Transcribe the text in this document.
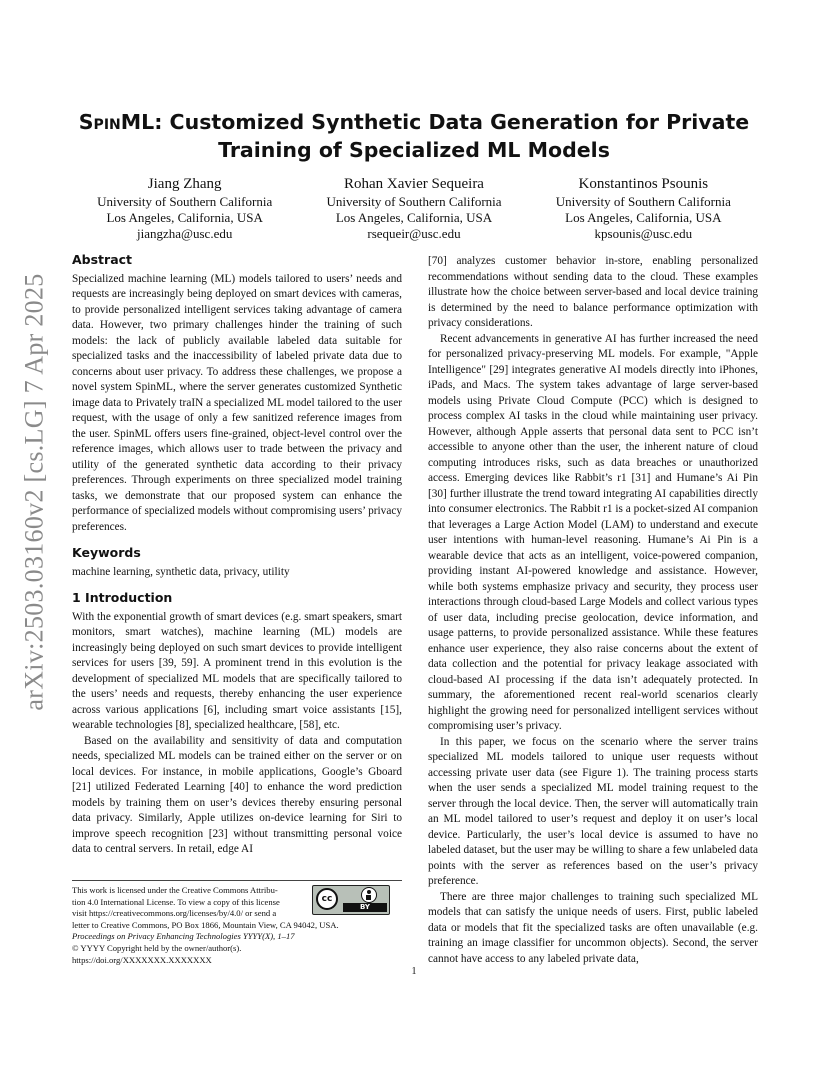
arXiv:2503.03160v2 [cs.LG] 7 Apr 2025
SpinML: Customized Synthetic Data Generation for Private
Training of Specialized ML Models
Jiang Zhang
University of Southern California
Los Angeles, California, USA
jiangzha@usc.edu
Rohan Xavier Sequeira
University of Southern California
Los Angeles, California, USA
rsequeir@usc.edu
Konstantinos Psounis
University of Southern California
Los Angeles, California, USA
kpsounis@usc.edu
Abstract

Specialized machine learning (ML) models tailored to users’ needs and requests are increasingly being deployed on smart devices with cameras, to provide personalized intelligent services taking advantage of camera data. However, two primary challenges hinder the training of such models: the lack of publicly available labeled data suitable for specialized tasks and the inaccessibility of labeled private data due to concerns about user privacy. To address these challenges, we propose a novel system SpinML, where the server generates customized Synthetic image data to Privately traIN a specialized ML model tailored to the user request, with the usage of only a few sanitized reference images from the user. SpinML offers users fine-grained, object-level control over the reference images, which allows user to trade between the privacy and utility of the generated synthetic data according to their privacy preferences. Through experiments on three specialized model training tasks, we demonstrate that our proposed system can enhance the performance of specialized models without compromising users’ privacy preferences.

Keywords

machine learning, synthetic data, privacy, utility

1 Introduction

With the exponential growth of smart devices (e.g. smart speakers, smart monitors, smart watches), machine learning (ML) models are increasingly being deployed on such smart devices to provide intelligent services for users [39, 59]. A prominent trend in this evolution is the development of specialized ML models that are specifically tailored to the users’ needs and requests, thereby enhancing the user experience across various applications [6], including smart voice assistants [15], wearable technologies [8], specialized healthcare, [58], etc.

Based on the availability and sensitivity of data and computation needs, specialized ML models can be trained either on the server or on local devices. For instance, in mobile applications, Google’s Gboard [21] utilized Federated Learning [40] to enhance the word prediction models by training them on user’s devices thereby ensuring personal data privacy. Similarly, Apple utilizes on-device learning for Siri to improve speech recognition [23] without transmitting personal voice data to central servers. In retail, edge AI

[70] analyzes customer behavior in-store, enabling personalized recommendations without sending data to the cloud. These examples illustrate how the choice between server-based and local device training is determined by the need to balance performance optimization with privacy considerations.

Recent advancements in generative AI has further increased the need for personalized privacy-preserving ML models. For example, "Apple Intelligence" [29] integrates generative AI models directly into iPhones, iPads, and Macs. The system takes advantage of large server-based models using Private Cloud Compute (PCC) which is designed to process complex AI tasks in the cloud while maintaining user privacy. However, although Apple asserts that personal data sent to PCC isn’t accessible to anyone other than the user, the inherent nature of cloud computing introduces risks, such as data breaches or unauthorized access. Emerging devices like Rabbit’s r1 [31] and Humane’s Ai Pin [30] further illustrate the trend toward integrating AI capabilities directly into consumer electronics. The Rabbit r1 is a pocket-sized AI companion that leverages a Large Action Model (LAM) to understand and execute user intentions with human-level reasoning. Humane’s Ai Pin is a wearable device that acts as an intelligent, voice-powered companion, providing instant AI-powered knowledge and assistance. However, while both systems emphasize privacy and security, they process user interactions through cloud-based Large Models and collect various types of user data, including precise geolocation, device information, and usage patterns, to provide personalized assistance. While these features enhance user experience, they also raise concerns about the extent of data collection and the potential for privacy leakage associated with cloud-based AI processing if the data isn’t adequately protected. In summary, the aforementioned recent real-world scenarios clearly highlight the growing need for personalized intelligent services without compromising user’s privacy.

In this paper, we focus on the scenario where the server trains specialized ML models tailored to unique user requests without accessing private user data (see Figure 1). The training process starts when the user sends a specialized ML model training request to the server through the local device. Then, the server will automatically train an ML model tailored to user’s request and deploy it on user’s local device. Particularly, the user’s local device is assumed to have no labeled dataset, but the user may be willing to share a few unlabeled data points with the server as references based on the user’s privacy preference.

There are three major challenges to training such specialized ML models that can satisfy the unique needs of users. First, public labeled data or models that fit the specialized tasks are often unavailable (e.g. training an image classifier for uncommon objects). Second, the server cannot have access to any labeled private data,

This work is licensed under the Creative Commons Attribu-
tion 4.0 International License. To view a copy of this license
visit https://creativecommons.org/licenses/by/4.0/ or send a
letter to Creative Commons, PO Box 1866, Mountain View, CA 94042, USA.
Proceedings on Privacy Enhancing Technologies YYYY(X), 1–17
© YYYY Copyright held by the owner/author(s).
https://doi.org/XXXXXXX.XXXXXXX
cc
BY
1
